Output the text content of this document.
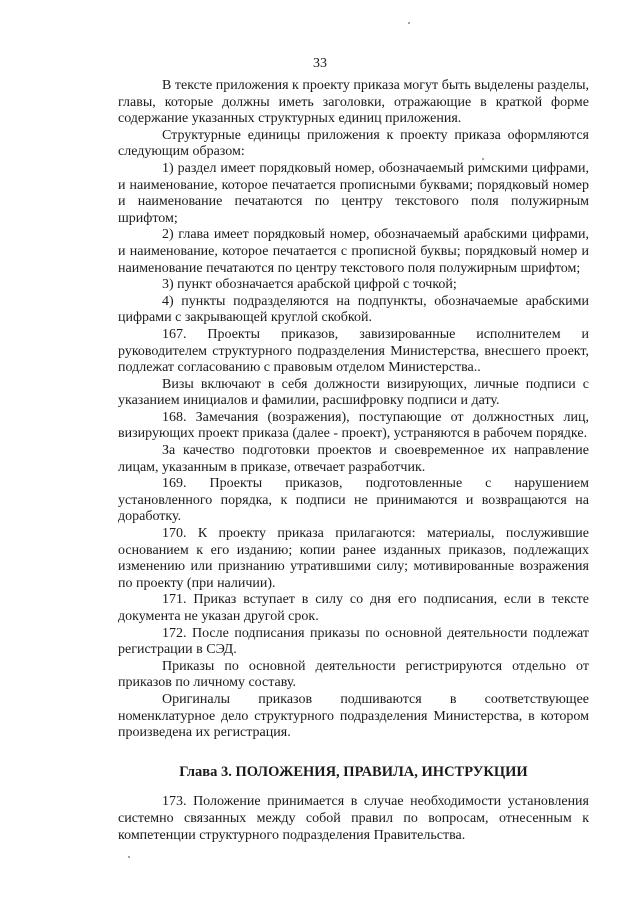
33

В тексте приложения к проекту приказа могут быть выделены разделы, главы, которые должны иметь заголовки, отражающие в краткой форме содержание указанных структурных единиц приложения.

Структурные единицы приложения к проекту приказа оформляются следующим образом:

1) раздел имеет порядковый номер, обозначаемый римскими цифрами, и наименование, которое печатается прописными буквами; порядковый номер и наименование печатаются по центру текстового поля полужирным шрифтом;

2) глава имеет порядковый номер, обозначаемый арабскими цифрами, и наименование, которое печатается с прописной буквы; порядковый номер и наименование печатаются по центру текстового поля полужирным шрифтом;

3) пункт обозначается арабской цифрой с точкой;

4) пункты подразделяются на подпункты, обозначаемые арабскими цифрами с закрывающей круглой скобкой.

167. Проекты приказов, завизированные исполнителем и руководителем структурного подразделения Министерства, внесшего проект, подлежат согласованию с правовым отделом Министерства..

Визы включают в себя должности визирующих, личные подписи с указанием инициалов и фамилии, расшифровку подписи и дату.

168. Замечания (возражения), поступающие от должностных лиц, визирующих проект приказа (далее - проект), устраняются в рабочем порядке.

За качество подготовки проектов и своевременное их направление лицам, указанным в приказе, отвечает разработчик.

169. Проекты приказов, подготовленные с нарушением установленного порядка, к подписи не принимаются и возвращаются на доработку.

170. К проекту приказа прилагаются: материалы, послужившие основанием к его изданию; копии ранее изданных приказов, подлежащих изменению или признанию утратившими силу; мотивированные возражения по проекту (при наличии).

171. Приказ вступает в силу со дня его подписания, если в тексте документа не указан другой срок.

172. После подписания приказы по основной деятельности подлежат регистрации в СЭД.

Приказы по основной деятельности регистрируются отдельно от приказов по личному составу.

Оригиналы приказов подшиваются в соответствующее номенклатурное дело структурного подразделения Министерства, в котором произведена их регистрация.

Глава 3. ПОЛОЖЕНИЯ, ПРАВИЛА, ИНСТРУКЦИИ

173. Положение принимается в случае необходимости установления системно связанных между собой правил по вопросам, отнесенным к компетенции структурного подразделения Правительства.
